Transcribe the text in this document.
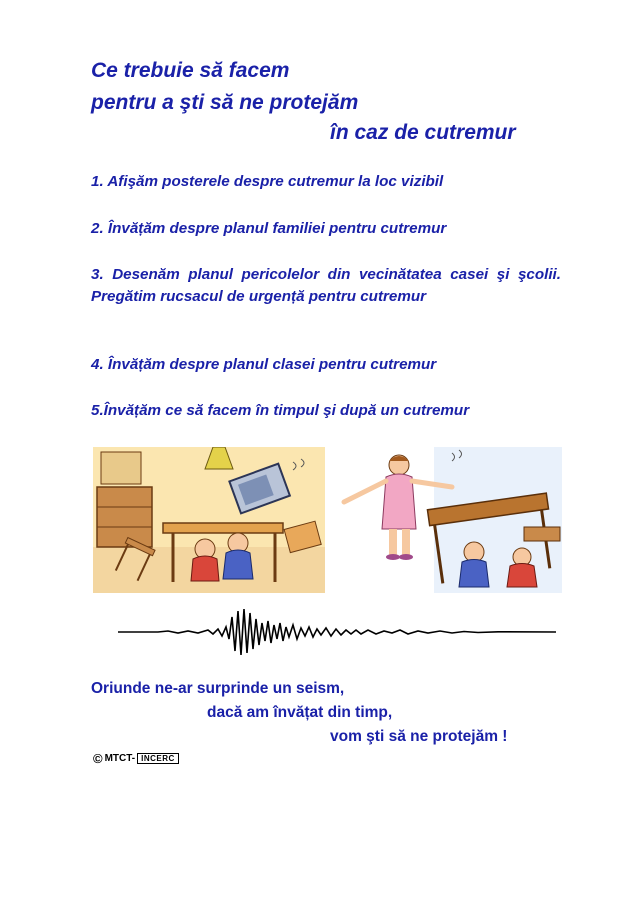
Ce trebuie să facem
pentru a şti să ne protejăm
în caz de cutremur
1. Afişăm posterele despre cutremur la loc vizibil
2. Învățăm despre planul familiei pentru cutremur
3. Desenăm planul pericolelor din vecinătatea casei şi şcolii. Pregătim rucsacul de urgență pentru cutremur
4. Învățăm despre planul clasei pentru cutremur
5.Învățăm ce să facem în timpul şi după un cutremur
Oriunde ne-ar surprinde un seism,
dacă am învățat din timp,
vom şti să ne protejăm !
© MTCT- INCERC
